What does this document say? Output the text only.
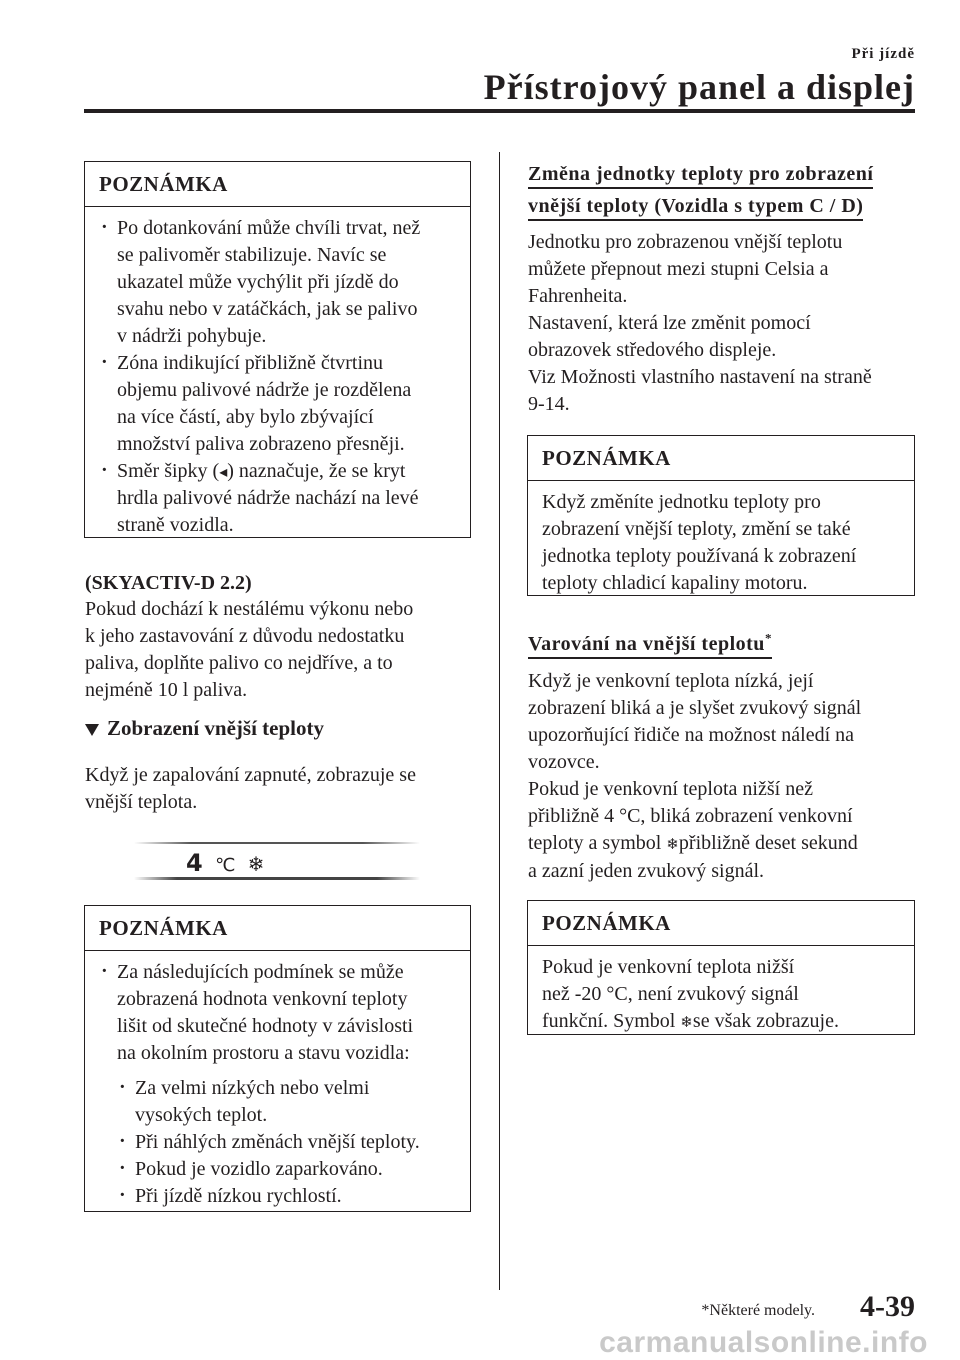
Při jízdě
Přístrojový panel a displej
POZNÁMKA
· Po dotankování může chvíli trvat, než
se palivoměr stabilizuje. Navíc se
ukazatel může vychýlit při jízdě do
svahu nebo v zatáčkách, jak se palivo
v nádrži pohybuje.
· Zóna indikující přibližně čtvrtinu
objemu palivové nádrže je rozdělena
na více částí, aby bylo zbývající
množství paliva zobrazeno přesněji.
· Směr šipky (◂) naznačuje, že se kryt
hrdla palivové nádrže nachází na levé
straně vozidla.
(SKYACTIV-D 2.2)
Pokud dochází k nestálému výkonu nebo
k jeho zastavování z důvodu nedostatku
paliva, doplňte palivo co nejdříve, a to
nejméně 10 l paliva.
Zobrazení vnější teploty
Když je zapalování zapnuté, zobrazuje se
vnější teplota.
4 ℃ ❄
POZNÁMKA
· Za následujících podmínek se může
zobrazená hodnota venkovní teploty
lišit od skutečné hodnoty v závislosti
na okolním prostoru a stavu vozidla:
· Za velmi nízkých nebo velmi
vysokých teplot.
· Při náhlých změnách vnější teploty.
· Pokud je vozidlo zaparkováno.
· Při jízdě nízkou rychlostí.
Změna jednotky teploty pro zobrazení
vnější teploty (Vozidla s typem C / D)
Jednotku pro zobrazenou vnější teplotu
můžete přepnout mezi stupni Celsia a
Fahrenheita.
Nastavení, která lze změnit pomocí
obrazovek středového displeje.
Viz Možnosti vlastního nastavení na straně
9-14.
POZNÁMKA
Když změníte jednotku teploty pro
zobrazení vnější teploty, změní se také
jednotka teploty používaná k zobrazení
teploty chladicí kapaliny motoru.
Varování na vnější teplotu*
Když je venkovní teplota nízká, její
zobrazení bliká a je slyšet zvukový signál
upozorňující řidiče na možnost náledí na
vozovce.
Pokud je venkovní teplota nižší než
přibližně 4 °C, bliká zobrazení venkovní
teploty a symbol ❄přibližně deset sekund
a zazní jeden zvukový signál.
POZNÁMKA
Pokud je venkovní teplota nižší
než -20 °C, není zvukový signál
funkční. Symbol ❄se však zobrazuje.
*Některé modely. 4-39
carmanualsonline.info
